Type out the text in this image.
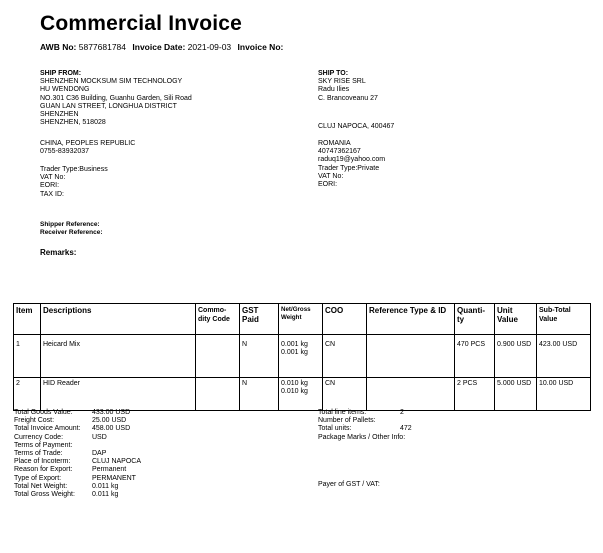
Commercial Invoice
AWB No: 5877681784 Invoice Date: 2021-09-03 Invoice No:
SHIP FROM:
SHENZHEN MOCKSUM SIM TECHNOLOGY
HU WENDONG
NO.301 C36 Building, Guanhu Garden, Sili Road
GUAN LAN STREET, LONGHUA DISTRICT
SHENZHEN
SHENZHEN, 518028
CHINA, PEOPLES REPUBLIC
0755-83932037
Trader Type:Business
VAT No:
EORI:
TAX ID:
SHIP TO:
SKY RISE SRL
Radu Ilies
C. Brancoveanu 27
CLUJ NAPOCA, 400467
ROMANIA
40747362167
raduq19@yahoo.com
Trader Type:Private
VAT No:
EORI:
Shipper Reference:
Receiver Reference:
Remarks:
Item	Descriptions	Commo- dity Code	GST Paid	Net/Gross Weight	COO	Reference Type & ID	Quanti- ty	Unit Value	Sub-Total Value
1	Heicard Mix		N	0.001 kg
0.001 kg	CN		470 PCS	0.900 USD	423.00 USD
2	HID Reader		N	0.010 kg
0.010 kg	CN		2 PCS	5.000 USD	10.00 USD
Total Goods Value:	433.00 USD
Freight Cost:	25.00 USD
Total Invoice Amount: 458.00 USD
Currency Code:	USD
Terms of Payment:
Terms of Trade:	DAP
Place of Incoterm:	CLUJ NAPOCA
Reason for Export:	Permanent
Type of Export:	PERMANENT
Total Net Weight:	0.011 kg
Total Gross Weight: 0.011 kg
Total line items:	2
Number of Pallets:
Total units:	472
Package Marks / Other Info:
Payer of GST / VAT:
